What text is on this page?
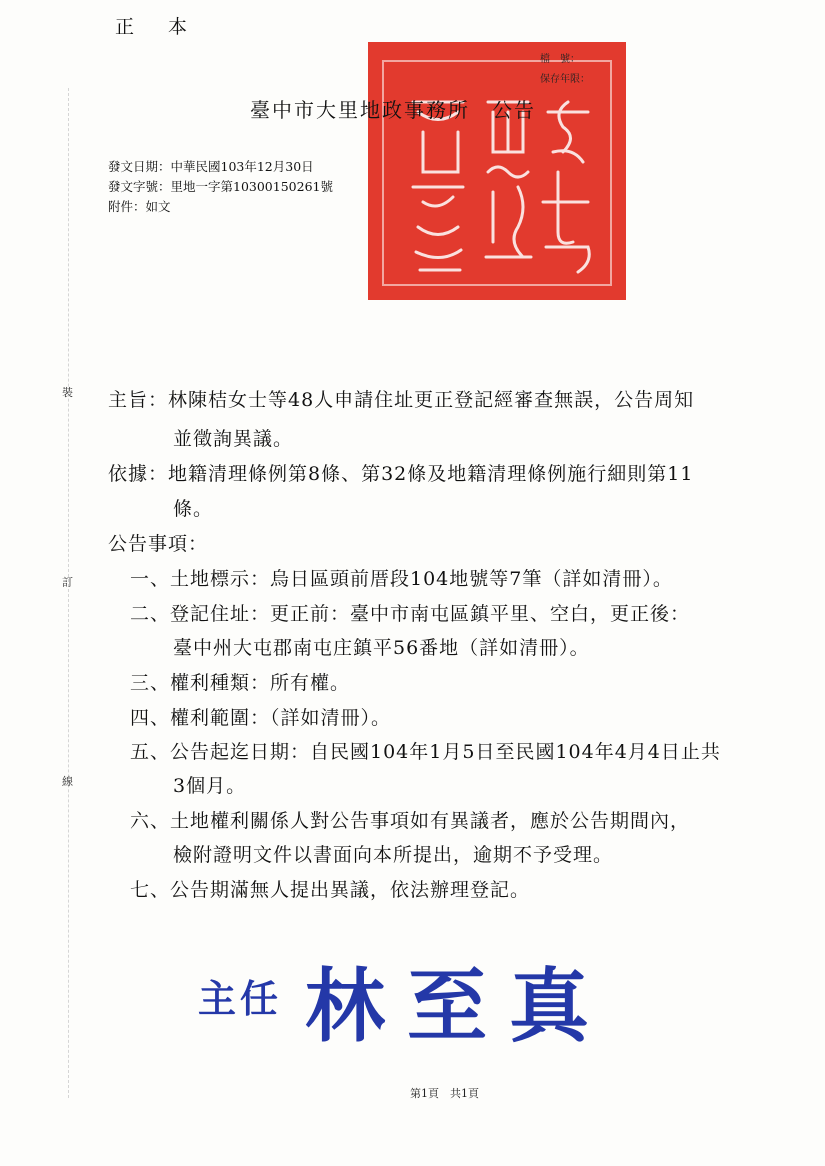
正 本
檔　號：
保存年限：
臺中市大里地政事務所　公告
發文日期：中華民國103年12月30日
發文字號：里地一字第10300150261號
附件：如文
裝
訂
線
主旨：林陳桔女士等48人申請住址更正登記經審查無誤，公告周知
並徵詢異議。
依據：地籍清理條例第8條、第32條及地籍清理條例施行細則第11
條。
公告事項：
一、土地標示：烏日區頭前厝段104地號等7筆（詳如清冊）。
二、登記住址：更正前：臺中市南屯區鎮平里、空白，更正後：
臺中州大屯郡南屯庄鎮平56番地（詳如清冊）。
三、權利種類：所有權。
四、權利範圍：（詳如清冊）。
五、公告起迄日期：自民國104年1月5日至民國104年4月4日止共
3個月。
六、土地權利關係人對公告事項如有異議者，應於公告期間內，
檢附證明文件以書面向本所提出，逾期不予受理。
七、公告期滿無人提出異議，依法辦理登記。
主任 林至真
第1頁　共1頁
